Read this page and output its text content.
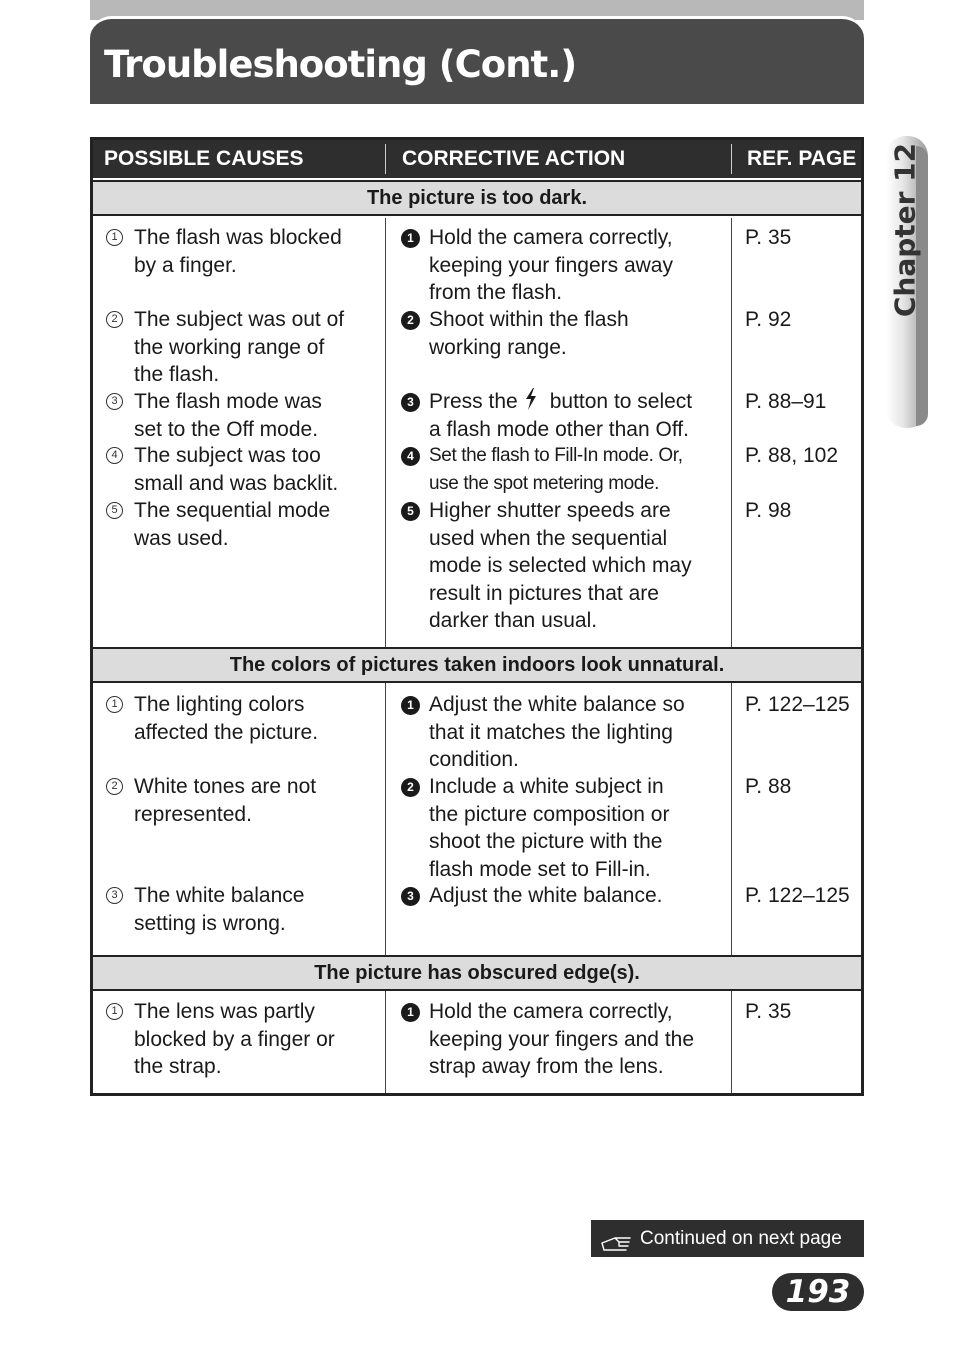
Troubleshooting (Cont.)
Chapter 12
POSSIBLE CAUSES	CORRECTIVE ACTION	REF. PAGE
The picture is too dark.
1 The flash was blocked
by a finger.
2 The subject was out of
the working range of
the flash.
3 The flash mode was
set to the Off mode.
4 The subject was too
small and was backlit.
5 The sequential mode
was used.
1 Hold the camera correctly,
keeping your fingers away
from the flash.
2 Shoot within the flash
working range.
3 Press the button to select
a flash mode other than Off.
4 Set the flash to Fill-In mode. Or,
use the spot metering mode.
5 Higher shutter speeds are
used when the sequential
mode is selected which may
result in pictures that are
darker than usual.
P. 35
P. 92
P. 88–91
P. 88, 102
P. 98
The colors of pictures taken indoors look unnatural.
1 The lighting colors
affected the picture.
2 White tones are not
represented.
3 The white balance
setting is wrong.
1 Adjust the white balance so
that it matches the lighting
condition.
2 Include a white subject in
the picture composition or
shoot the picture with the
flash mode set to Fill-in.
3 Adjust the white balance.
P. 122–125
P. 88
P. 122–125
The picture has obscured edge(s).
1 The lens was partly
blocked by a finger or
the strap.
1 Hold the camera correctly,
keeping your fingers and the
strap away from the lens.
P. 35
Continued on next page
193
